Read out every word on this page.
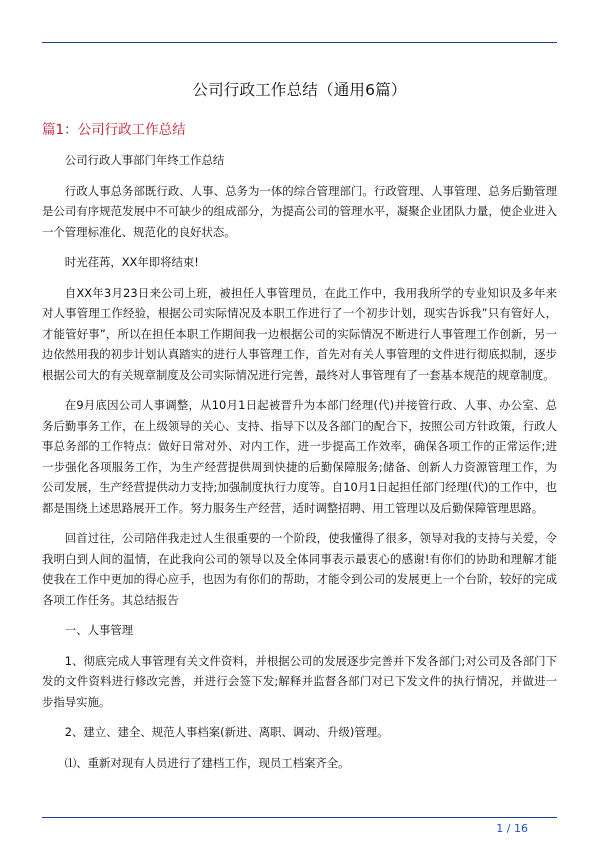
公司行政工作总结（通用6篇）
篇1：公司行政工作总结

公司行政人事部门年终工作总结

行政人事总务部既行政、人事、总务为一体的综合管理部门。行政管理、人事管理、总务后勤管理是公司有序规范发展中不可缺少的组成部分，为提高公司的管理水平，凝聚企业团队力量，使企业进入一个管理标准化、规范化的良好状态。

时光荏苒，XX年即将结束!

自XX年3月23日来公司上班，被担任人事管理员，在此工作中，我用我所学的专业知识及多年来对人事管理工作经验，根据公司实际情况及本职工作进行了一个初步计划，现实告诉我”只有管好人，才能管好事”，所以在担任本职工作期间我一边根据公司的实际情况不断进行人事管理工作创新，另一边依然用我的初步计划认真踏实的进行人事管理工作，首先对有关人事管理的文件进行彻底拟制，逐步根据公司大的有关规章制度及公司实际情况进行完善，最终对人事管理有了一套基本规范的规章制度。

在9月底因公司人事调整，从10月1日起被晋升为本部门经理(代)并接管行政、人事、办公室、总务后勤事务工作，在上级领导的关心、支持、指导下以及各部门的配合下，按照公司方针政策，行政人事总务部的工作特点：做好日常对外、对内工作，进一步提高工作效率，确保各项工作的正常运作;进一步强化各项服务工作，为生产经营提供周到快捷的后勤保障服务;储备、创新人力资源管理工作，为公司发展，生产经营提供动力支持;加强制度执行力度等。自10月1日起担任部门经理(代)的工作中，也都是围绕上述思路展开工作。努力服务生产经营，适时调整招聘、用工管理以及后勤保障管理思路。

回首过往，公司陪伴我走过人生很重要的一个阶段，使我懂得了很多，领导对我的支持与关爱，令我明白到人间的温情，在此我向公司的领导以及全体同事表示最衷心的感谢!有你们的协助和理解才能使我在工作中更加的得心应手，也因为有你们的帮助，才能令到公司的发展更上一个台阶，较好的完成各项工作任务。其总结报告

一、人事管理

1、彻底完成人事管理有关文件资料，并根据公司的发展逐步完善并下发各部门;对公司及各部门下发的文件资料进行修改完善，并进行会签下发;解释并监督各部门对已下发文件的执行情况，并做进一步指导实施。

2、建立、建全、规范人事档案(新进、离职、调动、升级)管理。

⑴、重新对现有人员进行了建档工作，现员工档案齐全。

1 / 16
